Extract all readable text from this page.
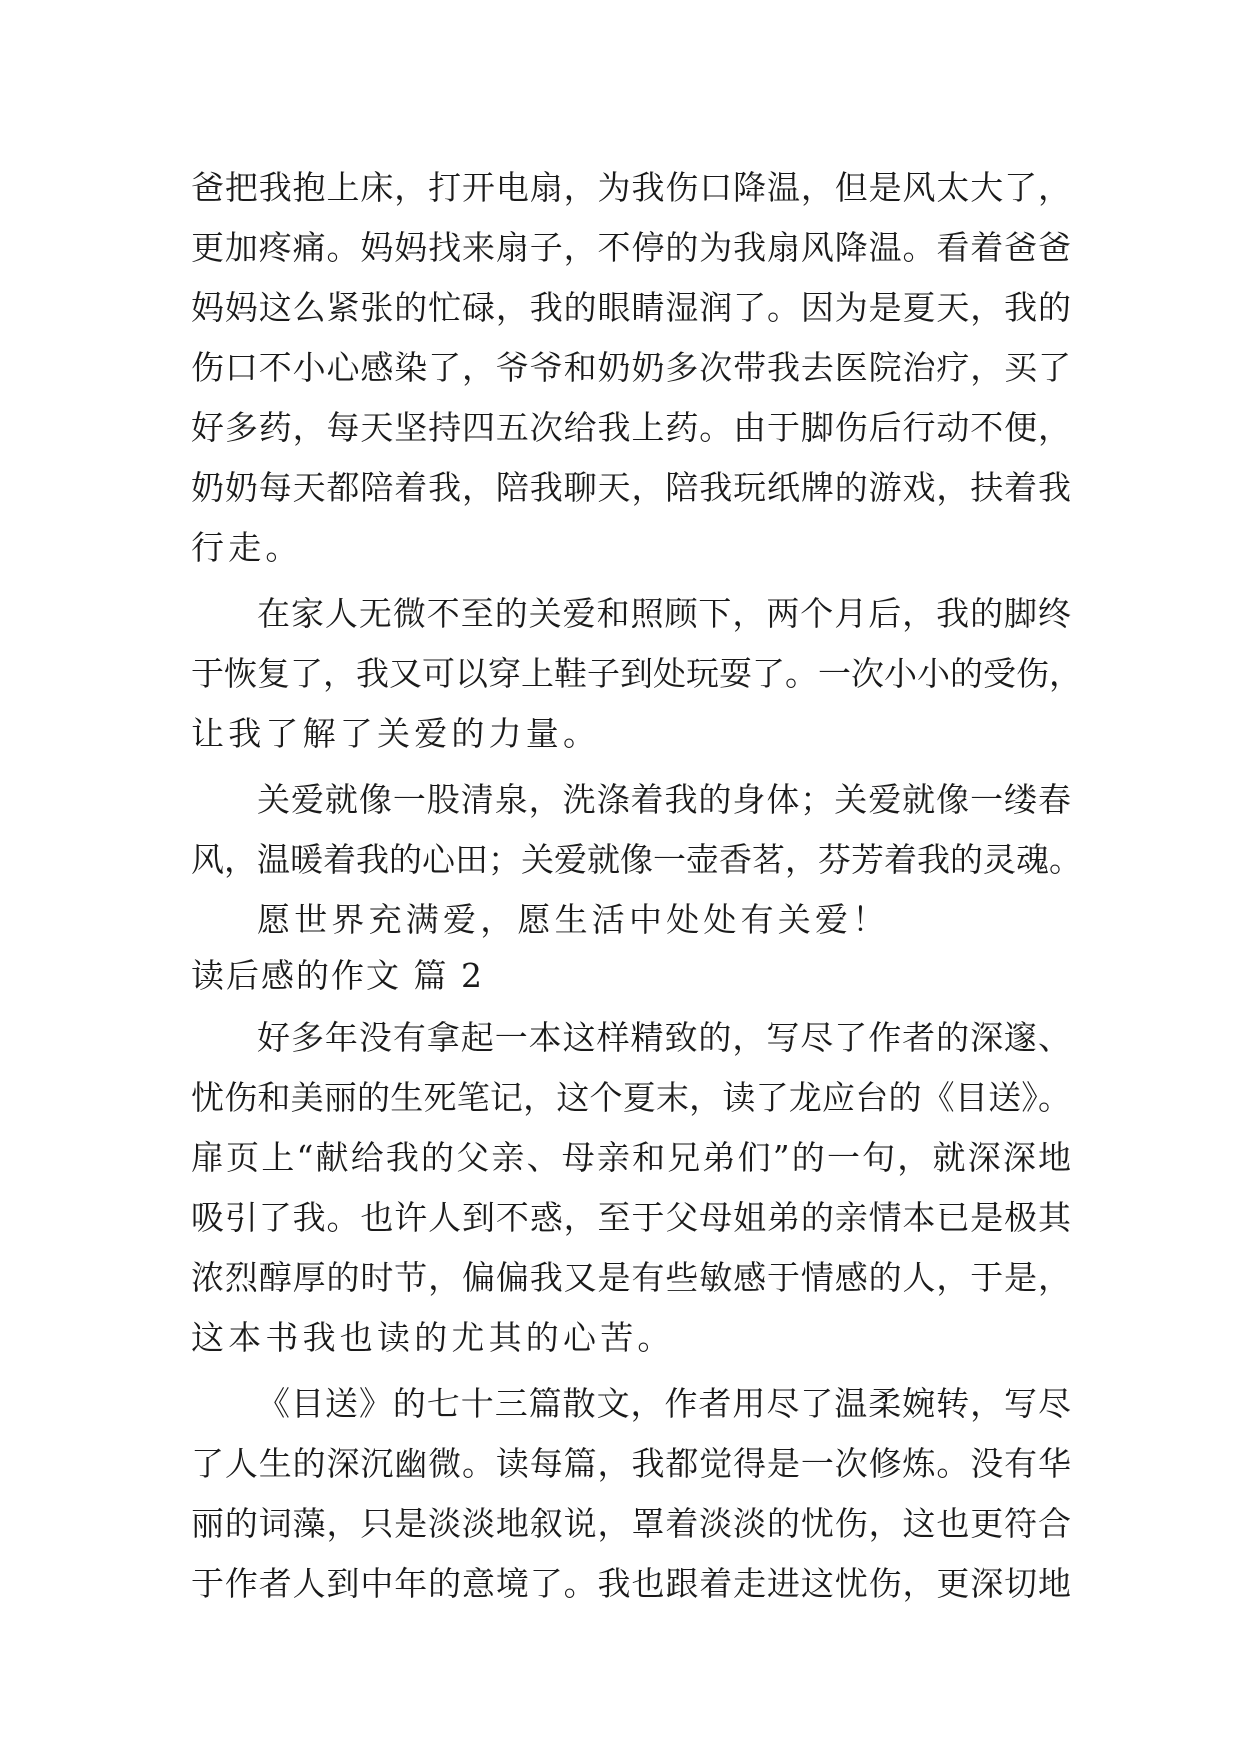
爸把我抱上床，打开电扇，为我伤口降温，但是风太大了，

更加疼痛。妈妈找来扇子，不停的为我扇风降温。看着爸爸

妈妈这么紧张的忙碌，我的眼睛湿润了。因为是夏天，我的

伤口不小心感染了，爷爷和奶奶多次带我去医院治疗，买了

好多药，每天坚持四五次给我上药。由于脚伤后行动不便，

奶奶每天都陪着我，陪我聊天，陪我玩纸牌的游戏，扶着我

行走。

在家人无微不至的关爱和照顾下，两个月后，我的脚终

于恢复了，我又可以穿上鞋子到处玩耍了。一次小小的受伤，

让我了解了关爱的力量。

关爱就像一股清泉，洗涤着我的身体；关爱就像一缕春

风，温暖着我的心田；关爱就像一壶香茗，芬芳着我的灵魂。

愿世界充满爱，愿生活中处处有关爱！

读后感的作文 篇 2

好多年没有拿起一本这样精致的，写尽了作者的深邃、

忧伤和美丽的生死笔记，这个夏末，读了龙应台的《目送》。

扉页上“献给我的父亲、母亲和兄弟们”的一句，就深深地

吸引了我。也许人到不惑，至于父母姐弟的亲情本已是极其

浓烈醇厚的时节，偏偏我又是有些敏感于情感的人，于是，

这本书我也读的尤其的心苦。

《目送》的七十三篇散文，作者用尽了温柔婉转，写尽

了人生的深沉幽微。读每篇，我都觉得是一次修炼。没有华

丽的词藻，只是淡淡地叙说，罩着淡淡的忧伤，这也更符合

于作者人到中年的意境了。我也跟着走进这忧伤，更深切地
